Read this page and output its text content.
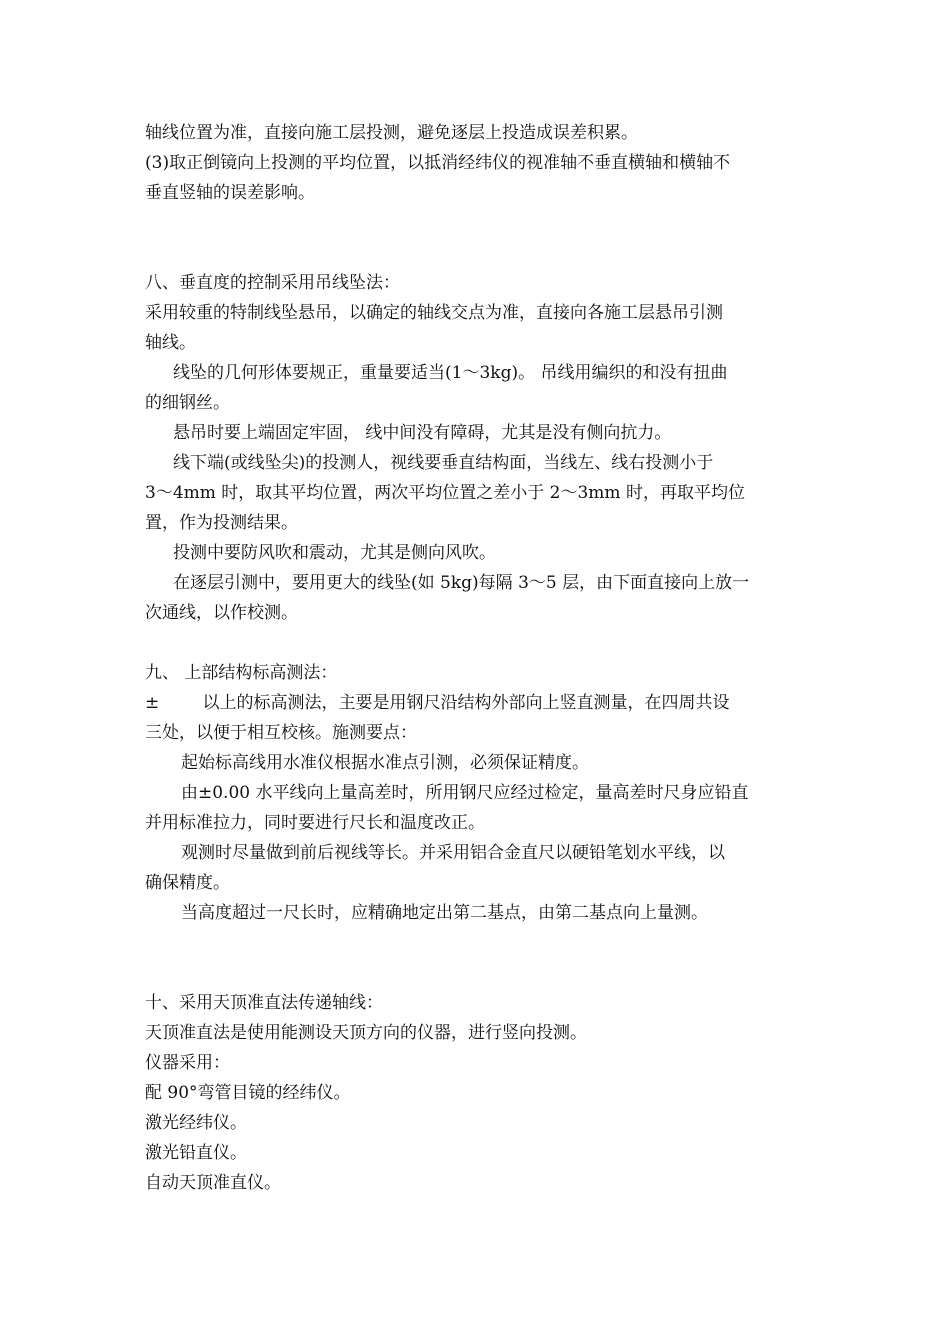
轴线位置为准，直接向施工层投测，避免逐层上投造成误差积累。
(3)取正倒镜向上投测的平均位置，以抵消经纬仪的视准轴不垂直横轴和横轴不
垂直竖轴的误差影响。
八、垂直度的控制采用吊线坠法：
采用较重的特制线坠悬吊，以确定的轴线交点为准，直接向各施工层悬吊引测
轴线。
线坠的几何形体要规正，重量要适当(1～3kg)。 吊线用编织的和没有扭曲
的细钢丝。
悬吊时要上端固定牢固， 线中间没有障碍，尤其是没有侧向抗力。
线下端(或线坠尖)的投测人，视线要垂直结构面，当线左、线右投测小于
3～4mm 时，取其平均位置，两次平均位置之差小于 2～3mm 时，再取平均位
置，作为投测结果。
投测中要防风吹和震动，尤其是侧向风吹。
在逐层引测中，要用更大的线坠(如 5kg)每隔 3～5 层，由下面直接向上放一
次通线，以作校测。
九、 上部结构标高测法：
±        以上的标高测法，主要是用钢尺沿结构外部向上竖直测量，在四周共设
三处，以便于相互校核。施测要点：
起始标高线用水准仪根据水准点引测，必须保证精度。
由±0.00 水平线向上量高差时，所用钢尺应经过检定，量高差时尺身应铅直
并用标准拉力，同时要进行尺长和温度改正。
观测时尽量做到前后视线等长。并采用铝合金直尺以硬铅笔划水平线，以
确保精度。
当高度超过一尺长时，应精确地定出第二基点，由第二基点向上量测。
十、采用天顶准直法传递轴线：
天顶准直法是使用能测设天顶方向的仪器，进行竖向投测。
仪器采用：
配 90°弯管目镜的经纬仪。
激光经纬仪。
激光铅直仪。
自动天顶准直仪。
